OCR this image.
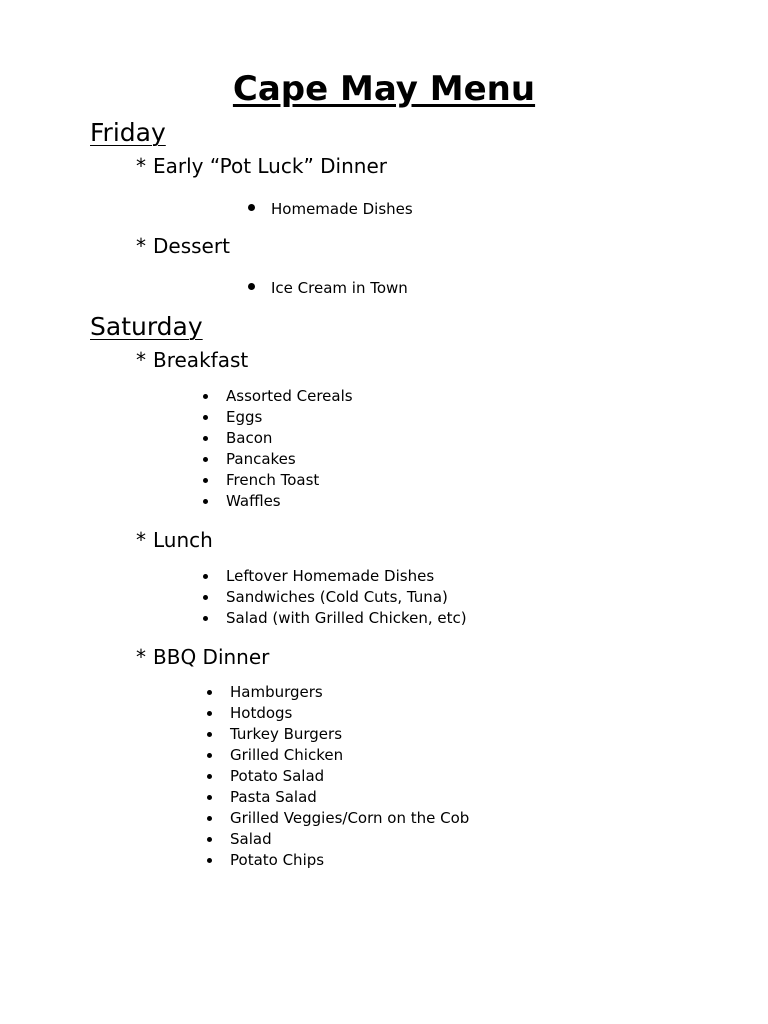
Cape May Menu
Friday
* Early “Pot Luck” Dinner
Homemade Dishes
* Dessert
Ice Cream in Town
Saturday
* Breakfast
Assorted Cereals
Eggs
Bacon
Pancakes
French Toast
Waffles
* Lunch
Leftover Homemade Dishes
Sandwiches (Cold Cuts, Tuna)
Salad (with Grilled Chicken, etc)
* BBQ Dinner
Hamburgers
Hotdogs
Turkey Burgers
Grilled Chicken
Potato Salad
Pasta Salad
Grilled Veggies/Corn on the Cob
Salad
Potato Chips
